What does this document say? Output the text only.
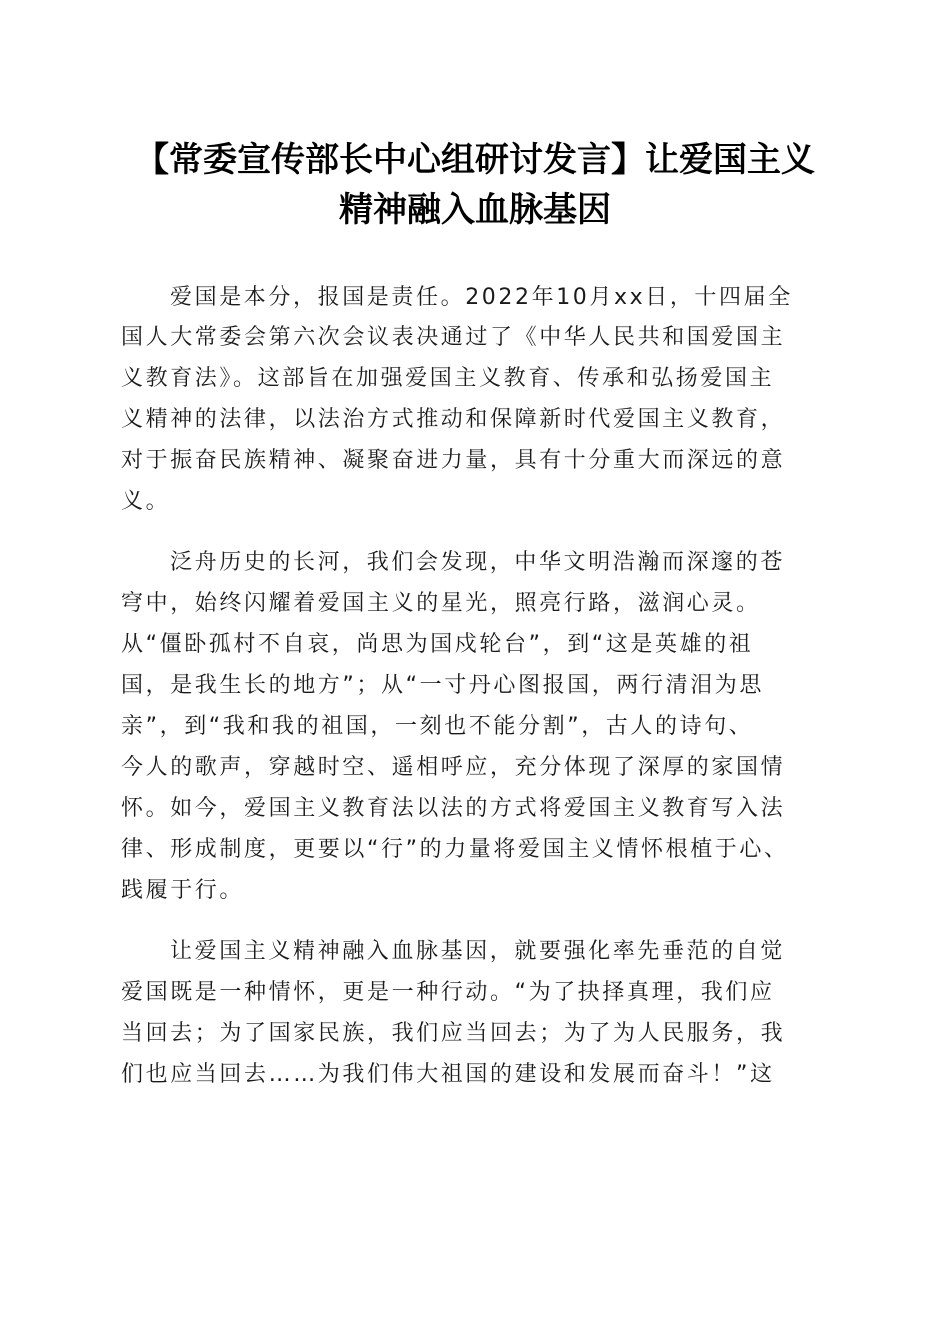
【常委宣传部长中心组研讨发言】让爱国主义
精神融入血脉基因
爱国是本分，报国是责任。2022年10月xx日，十四届全
国人大常委会第六次会议表决通过了《中华人民共和国爱国主
义教育法》。这部旨在加强爱国主义教育、传承和弘扬爱国主
义精神的法律，以法治方式推动和保障新时代爱国主义教育，
对于振奋民族精神、凝聚奋进力量，具有十分重大而深远的意
义。
泛舟历史的长河，我们会发现，中华文明浩瀚而深邃的苍
穹中，始终闪耀着爱国主义的星光，照亮行路，滋润心灵。
从“僵卧孤村不自哀，尚思为国戍轮台”，到“这是英雄的祖
国，是我生长的地方”；从“一寸丹心图报国，两行清泪为思
亲”，到“我和我的祖国，一刻也不能分割”，古人的诗句、
今人的歌声，穿越时空、遥相呼应，充分体现了深厚的家国情
怀。如今，爱国主义教育法以法的方式将爱国主义教育写入法
律、形成制度，更要以“行”的力量将爱国主义情怀根植于心、
践履于行。
让爱国主义精神融入血脉基因，就要强化率先垂范的自觉
爱国既是一种情怀，更是一种行动。“为了抉择真理，我们应
当回去；为了国家民族，我们应当回去；为了为人民服务，我
们也应当回去……为我们伟大祖国的建设和发展而奋斗！”这
